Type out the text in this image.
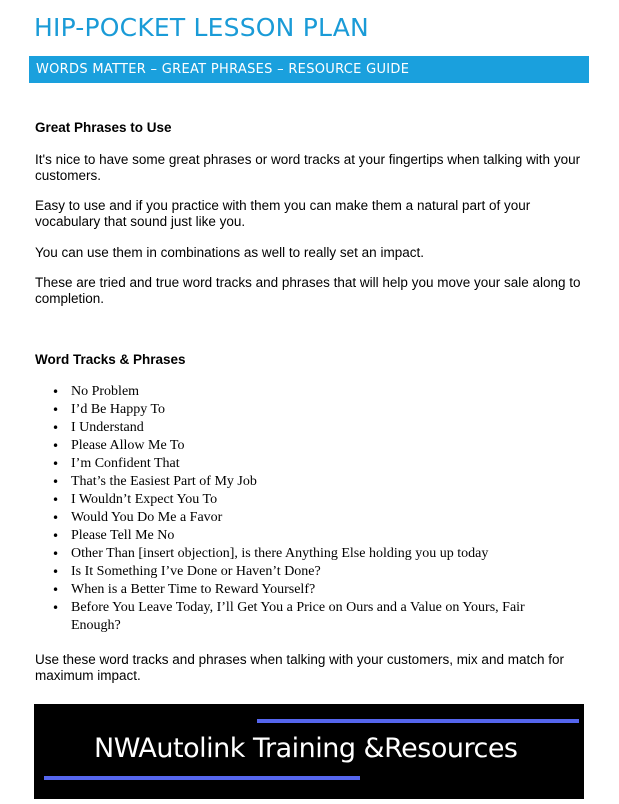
HIP-POCKET LESSON PLAN
WORDS MATTER – GREAT PHRASES – RESOURCE GUIDE
Great Phrases to Use

It's nice to have some great phrases or word tracks at your fingertips when talking with your customers.

Easy to use and if you practice with them you can make them a natural part of your vocabulary that sound just like you.

You can use them in combinations as well to really set an impact.

These are tried and true word tracks and phrases that will help you move your sale along to completion.

Word Tracks & Phrases
• No Problem
• I’d Be Happy To
• I Understand
• Please Allow Me To
• I’m Confident That
• That’s the Easiest Part of My Job
• I Wouldn’t Expect You To
• Would You Do Me a Favor
• Please Tell Me No
• Other Than [insert objection], is there Anything Else holding you up today
• Is It Something I’ve Done or Haven’t Done?
• When is a Better Time to Reward Yourself?
• Before You Leave Today, I’ll Get You a Price on Ours and a Value on Yours, Fair Enough?

Use these word tracks and phrases when talking with your customers, mix and match for maximum impact.

NWAutolink Training &Resources
